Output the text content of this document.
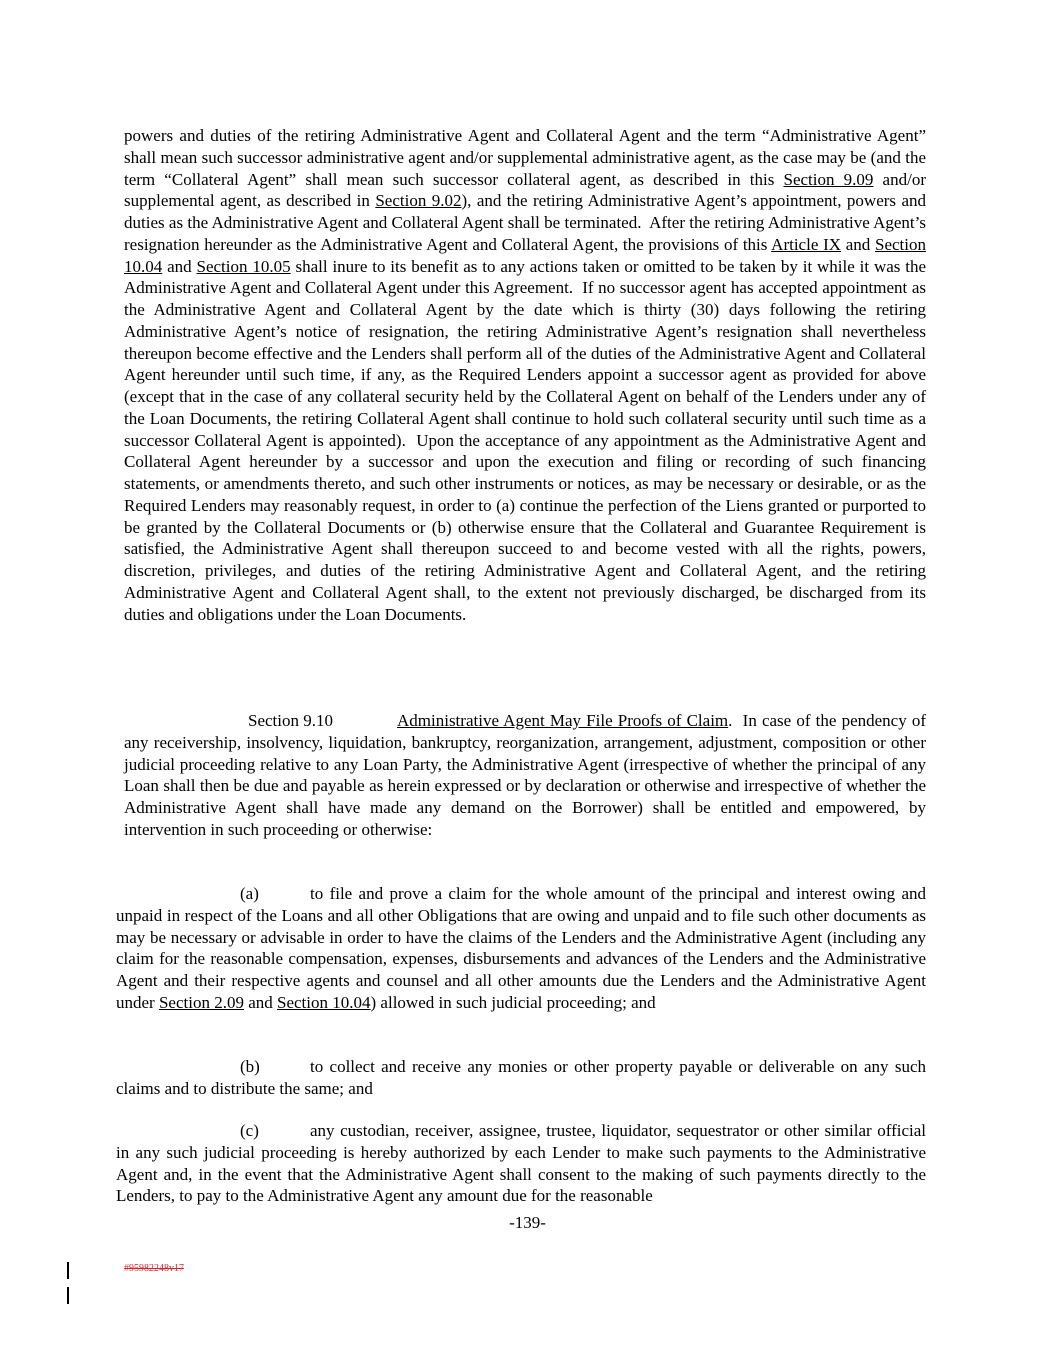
powers and duties of the retiring Administrative Agent and Collateral Agent and the term “Administrative Agent” shall mean such successor administrative agent and/or supplemental administrative agent, as the case may be (and the term “Collateral Agent” shall mean such successor collateral agent, as described in this Section 9.09 and/or supplemental agent, as described in Section 9.02), and the retiring Administrative Agent’s appointment, powers and duties as the Administrative Agent and Collateral Agent shall be terminated.  After the retiring Administrative Agent’s resignation hereunder as the Administrative Agent and Collateral Agent, the provisions of this Article IX and Section 10.04 and Section 10.05 shall inure to its benefit as to any actions taken or omitted to be taken by it while it was the Administrative Agent and Collateral Agent under this Agreement.  If no successor agent has accepted appointment as the Administrative Agent and Collateral Agent by the date which is thirty (30) days following the retiring Administrative Agent’s notice of resignation, the retiring Administrative Agent’s resignation shall nevertheless thereupon become effective and the Lenders shall perform all of the duties of the Administrative Agent and Collateral Agent hereunder until such time, if any, as the Required Lenders appoint a successor agent as provided for above (except that in the case of any collateral security held by the Collateral Agent on behalf of the Lenders under any of the Loan Documents, the retiring Collateral Agent shall continue to hold such collateral security until such time as a successor Collateral Agent is appointed).  Upon the acceptance of any appointment as the Administrative Agent and Collateral Agent hereunder by a successor and upon the execution and filing or recording of such financing statements, or amendments thereto, and such other instruments or notices, as may be necessary or desirable, or as the Required Lenders may reasonably request, in order to (a) continue the perfection of the Liens granted or purported to be granted by the Collateral Documents or (b) otherwise ensure that the Collateral and Guarantee Requirement is satisfied, the Administrative Agent shall thereupon succeed to and become vested with all the rights, powers, discretion, privileges, and duties of the retiring Administrative Agent and Collateral Agent, and the retiring Administrative Agent and Collateral Agent shall, to the extent not previously discharged, be discharged from its duties and obligations under the Loan Documents.

Section 9.10	Administrative Agent May File Proofs of Claim.  In case of the pendency of any receivership, insolvency, liquidation, bankruptcy, reorganization, arrangement, adjustment, composition or other judicial proceeding relative to any Loan Party, the Administrative Agent (irrespective of whether the principal of any Loan shall then be due and payable as herein expressed or by declaration or otherwise and irrespective of whether the Administrative Agent shall have made any demand on the Borrower) shall be entitled and empowered, by intervention in such proceeding or otherwise:

(a)	to file and prove a claim for the whole amount of the principal and interest owing and unpaid in respect of the Loans and all other Obligations that are owing and unpaid and to file such other documents as may be necessary or advisable in order to have the claims of the Lenders and the Administrative Agent (including any claim for the reasonable compensation, expenses, disbursements and advances of the Lenders and the Administrative Agent and their respective agents and counsel and all other amounts due the Lenders and the Administrative Agent under Section 2.09 and Section 10.04) allowed in such judicial proceeding; and

(b)	to collect and receive any monies or other property payable or deliverable on any such claims and to distribute the same; and

(c)	any custodian, receiver, assignee, trustee, liquidator, sequestrator or other similar official in any such judicial proceeding is hereby authorized by each Lender to make such payments to the Administrative Agent and, in the event that the Administrative Agent shall consent to the making of such payments directly to the Lenders, to pay to the Administrative Agent any amount due for the reasonable

-139-
#95982248v17
